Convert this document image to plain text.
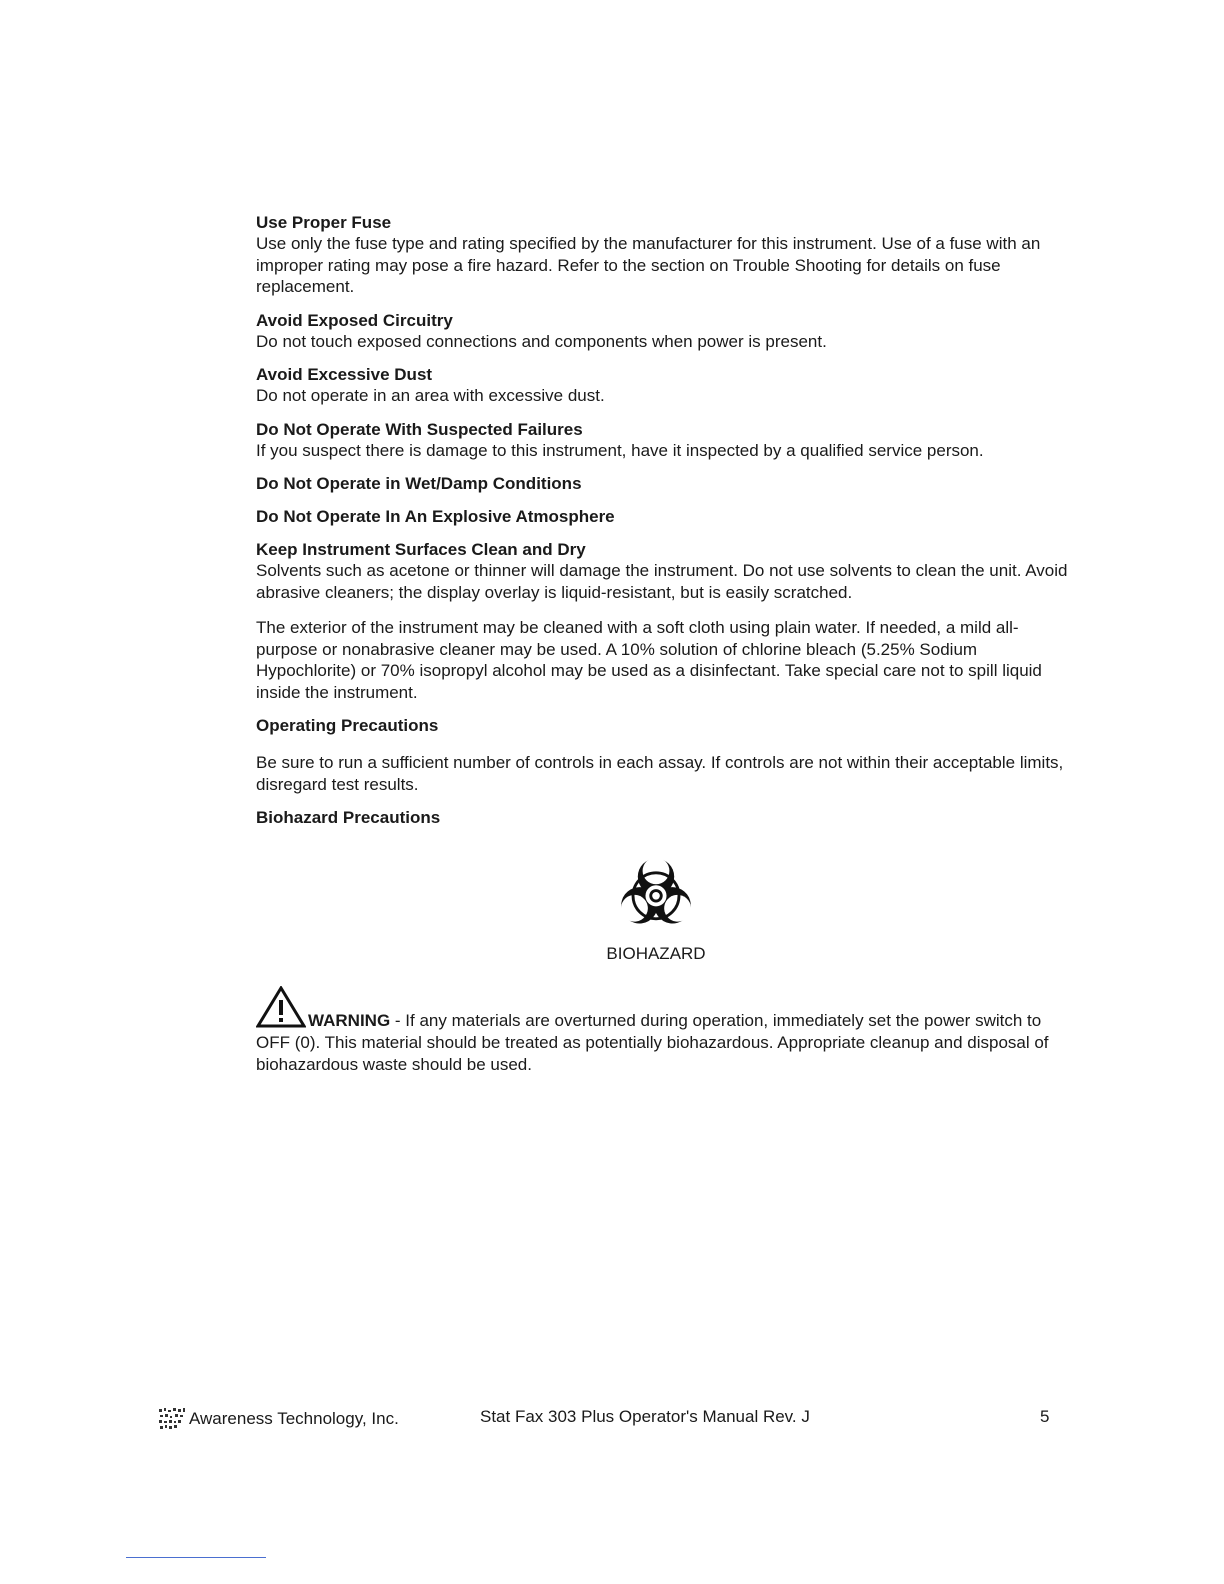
Use Proper Fuse

Use only the fuse type and rating specified by the manufacturer for this instrument. Use of a fuse with an improper rating may pose a fire hazard. Refer to the section on Trouble Shooting for details on fuse replacement.

Avoid Exposed Circuitry

Do not touch exposed connections and components when power is present.

Avoid Excessive Dust

Do not operate in an area with excessive dust.

Do Not Operate With Suspected Failures

If you suspect there is damage to this instrument, have it inspected by a qualified service person.

Do Not Operate in Wet/Damp Conditions
Do Not Operate In An Explosive Atmosphere
Keep Instrument Surfaces Clean and Dry

Solvents such as acetone or thinner will damage the instrument. Do not use solvents to clean the unit. Avoid abrasive cleaners; the display overlay is liquid-resistant, but is easily scratched.

The exterior of the instrument may be cleaned with a soft cloth using plain water. If needed, a mild all-purpose or nonabrasive cleaner may be used. A 10% solution of chlorine bleach (5.25% Sodium Hypochlorite) or 70% isopropyl alcohol may be used as a disinfectant. Take special care not to spill liquid inside the instrument.

Operating Precautions

Be sure to run a sufficient number of controls in each assay. If controls are not within their acceptable limits, disregard test results.

Biohazard Precautions
BIOHAZARD
WARNING - If any materials are overturned during operation, immediately set the power switch to OFF (0). This material should be treated as potentially biohazardous. Appropriate cleanup and disposal of biohazardous waste should be used.
Awareness Technology, Inc.	Stat Fax 303 Plus Operator's Manual Rev. J	5
